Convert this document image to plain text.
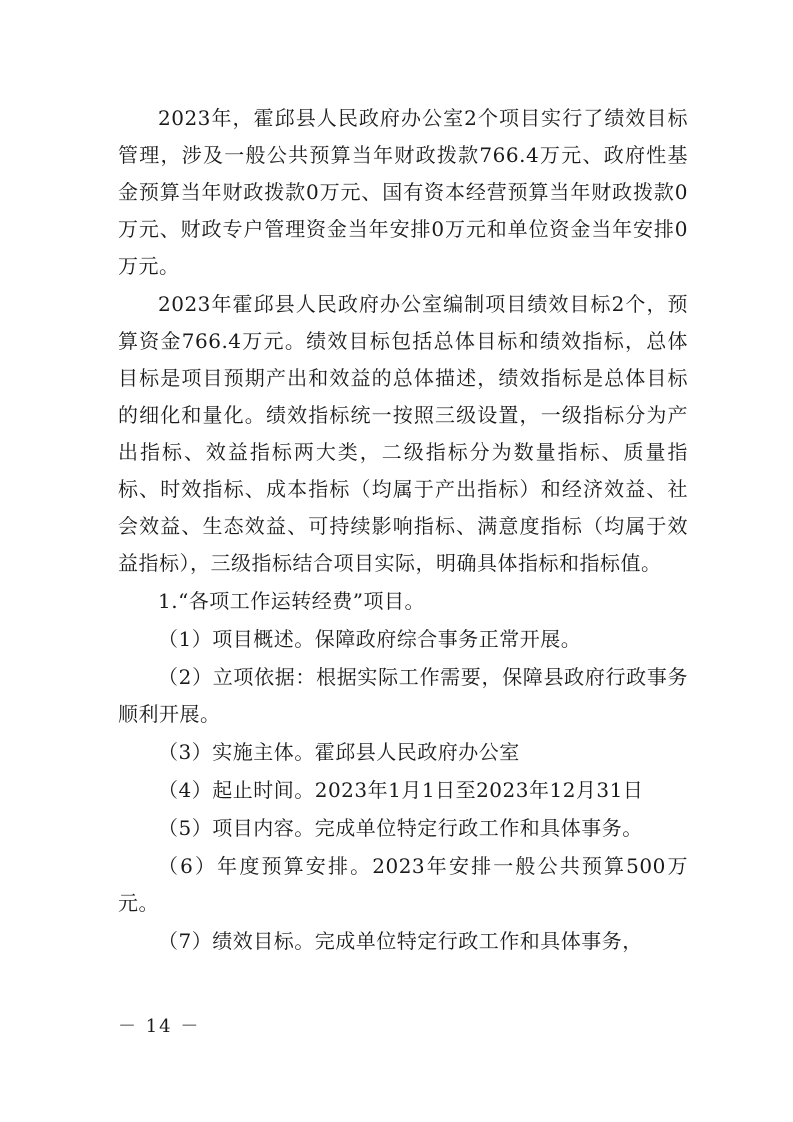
2023年，霍邱县人民政府办公室2个项目实行了绩效目标管理，涉及一般公共预算当年财政拨款766.4万元、政府性基金预算当年财政拨款0万元、国有资本经营预算当年财政拨款0万元、财政专户管理资金当年安排0万元和单位资金当年安排0万元。

2023年霍邱县人民政府办公室编制项目绩效目标2个，预算资金766.4万元。绩效目标包括总体目标和绩效指标，总体目标是项目预期产出和效益的总体描述，绩效指标是总体目标的细化和量化。绩效指标统一按照三级设置，一级指标分为产出指标、效益指标两大类，二级指标分为数量指标、质量指标、时效指标、成本指标（均属于产出指标）和经济效益、社会效益、生态效益、可持续影响指标、满意度指标（均属于效益指标），三级指标结合项目实际，明确具体指标和指标值。

1.“各项工作运转经费”项目。

（1）项目概述。保障政府综合事务正常开展。

（2）立项依据：根据实际工作需要，保障县政府行政事务顺利开展。

（3）实施主体。霍邱县人民政府办公室

（4）起止时间。2023年1月1日至2023年12月31日

（5）项目内容。完成单位特定行政工作和具体事务。

（6）年度预算安排。2023年安排一般公共预算500万元。

（7）绩效目标。完成单位特定行政工作和具体事务，

－ 14 －
